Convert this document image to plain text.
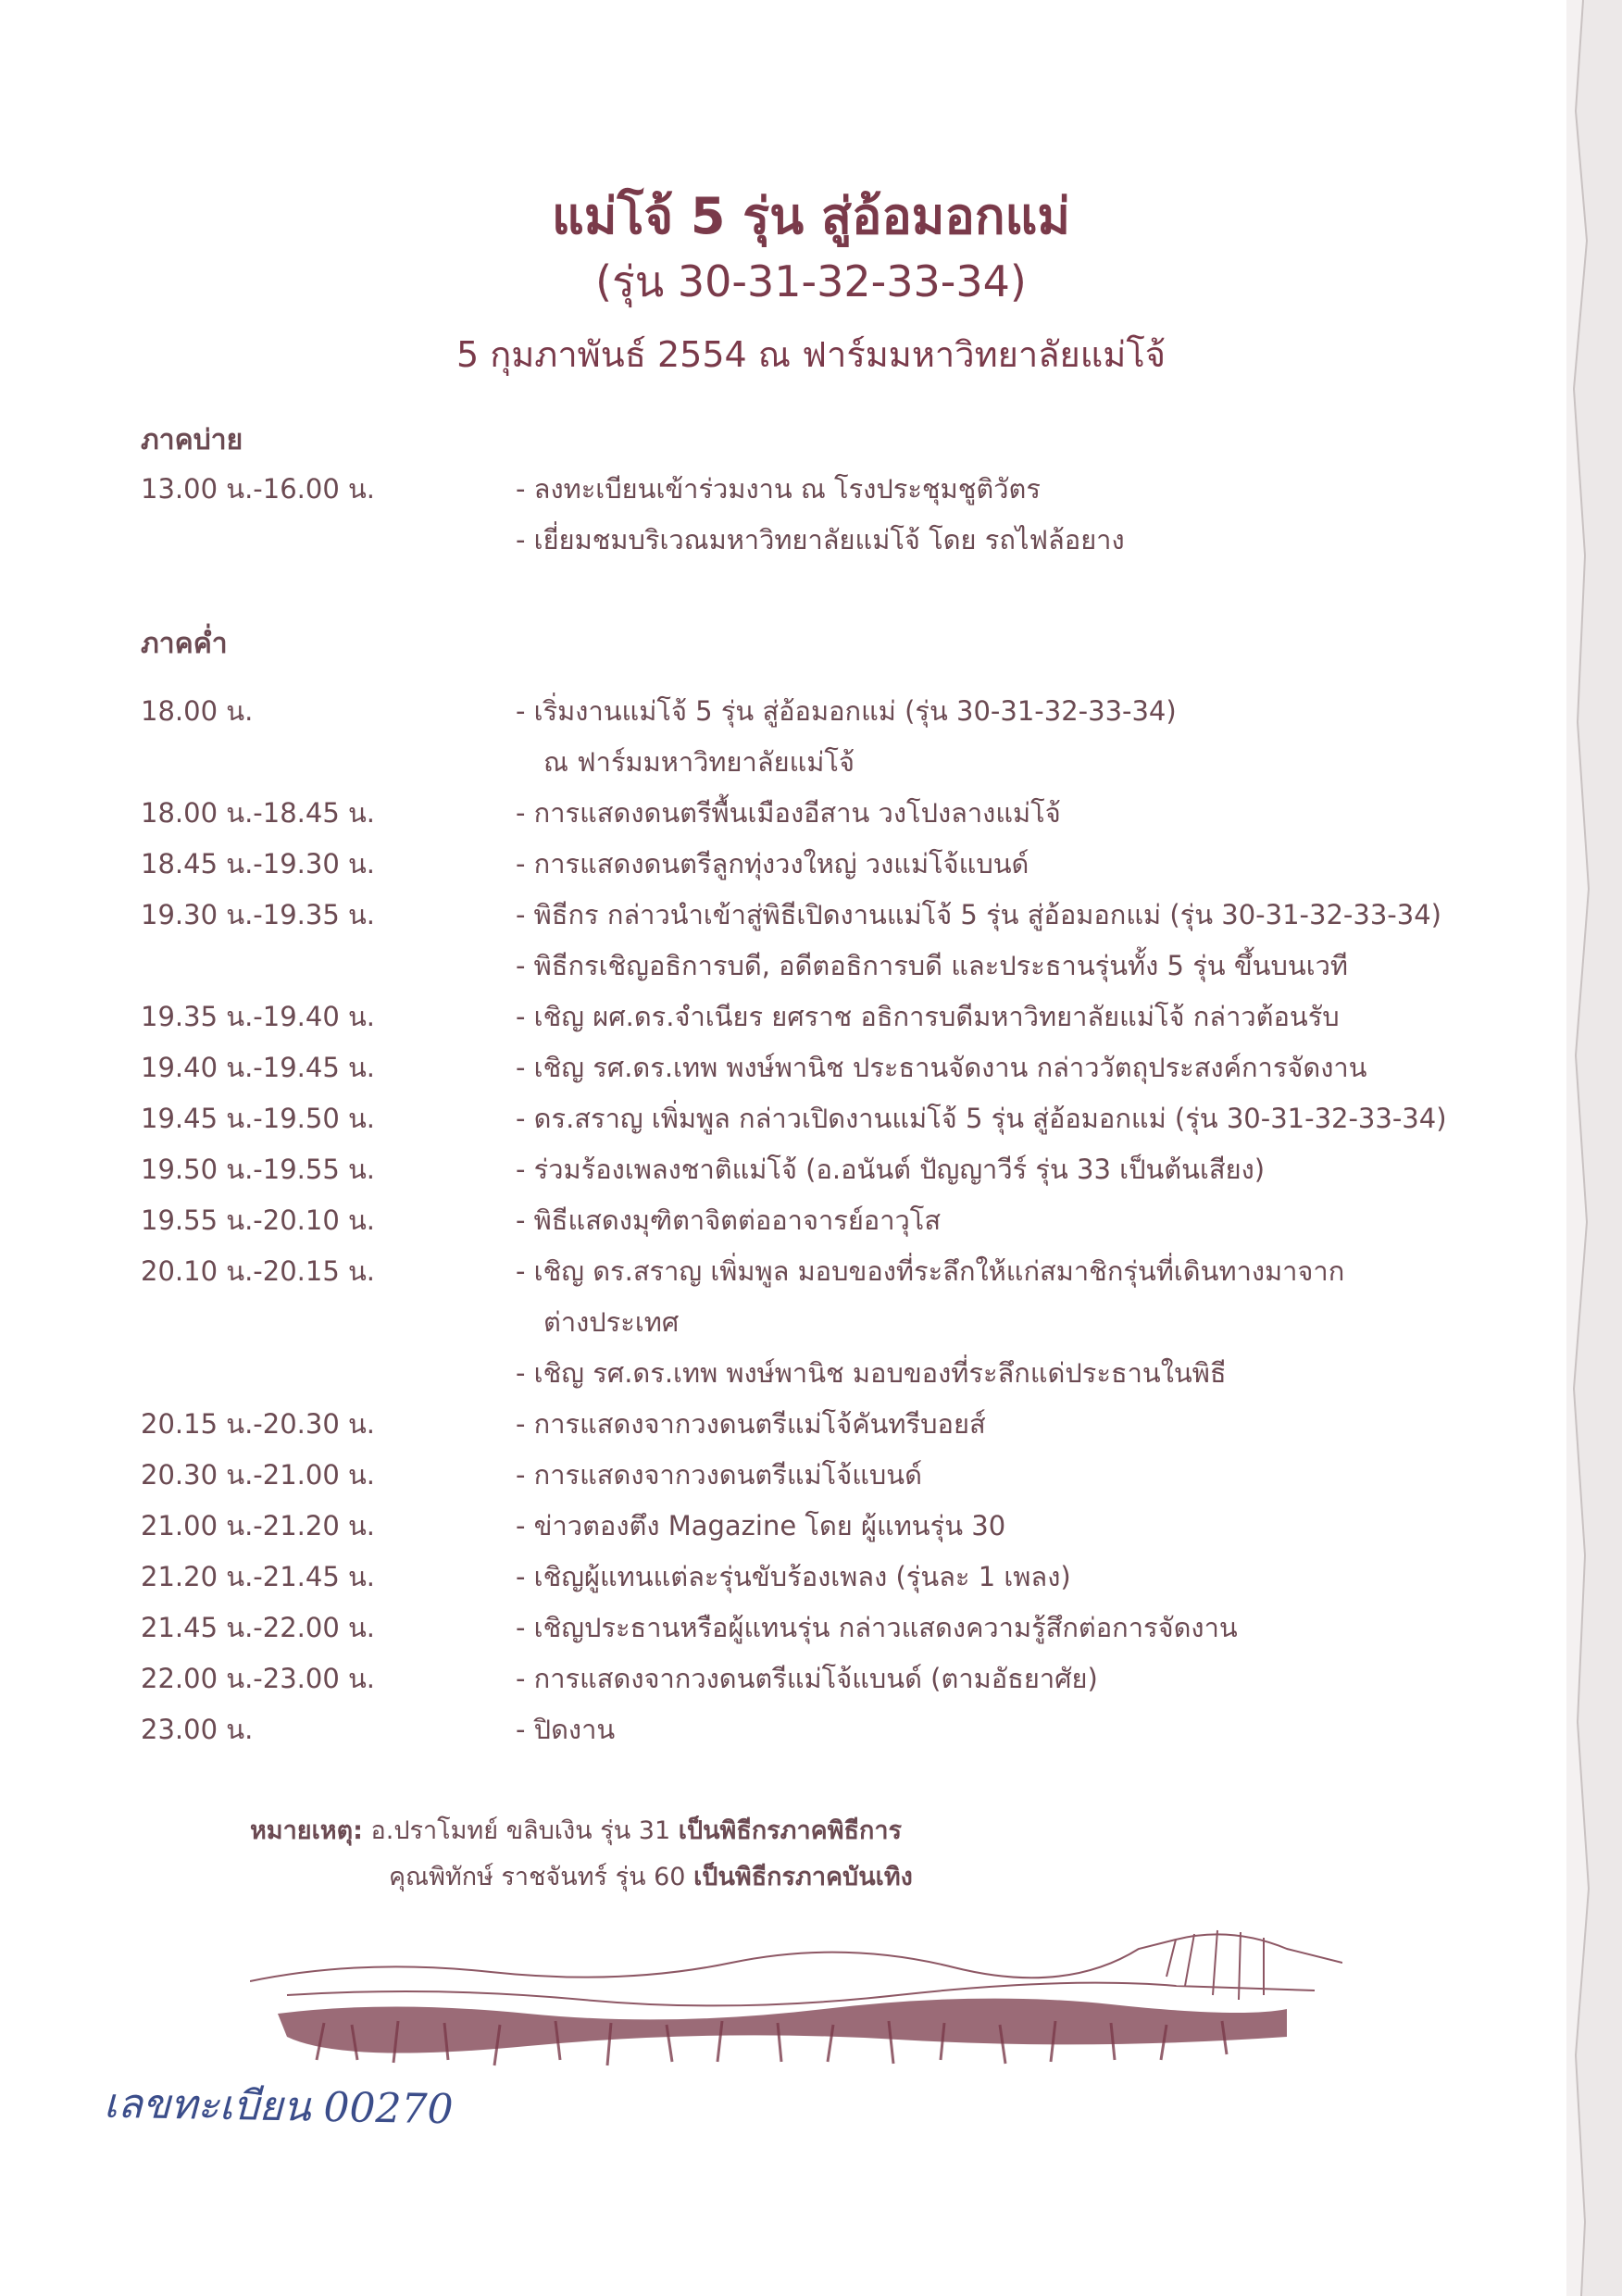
แม่โจ้ 5 รุ่น สู่อ้อมอกแม่
(รุ่น 30-31-32-33-34)
5 กุมภาพันธ์ 2554 ณ ฟาร์มมหาวิทยาลัยแม่โจ้
ภาคบ่าย
13.00 น.-16.00 น.	- ลงทะเบียนเข้าร่วมงาน ณ โรงประชุมชูติวัตร
- เยี่ยมชมบริเวณมหาวิทยาลัยแม่โจ้ โดย รถไฟล้อยาง
ภาคค่ำ
18.00 น.	- เริ่มงานแม่โจ้ 5 รุ่น สู่อ้อมอกแม่ (รุ่น 30-31-32-33-34)
ณ ฟาร์มมหาวิทยาลัยแม่โจ้
18.00 น.-18.45 น.	- การแสดงดนตรีพื้นเมืองอีสาน วงโปงลางแม่โจ้
18.45 น.-19.30 น.	- การแสดงดนตรีลูกทุ่งวงใหญ่ วงแม่โจ้แบนด์
19.30 น.-19.35 น.	- พิธีกร กล่าวนำเข้าสู่พิธีเปิดงานแม่โจ้ 5 รุ่น สู่อ้อมอกแม่ (รุ่น 30-31-32-33-34)
- พิธีกรเชิญอธิการบดี, อดีตอธิการบดี และประธานรุ่นทั้ง 5 รุ่น ขึ้นบนเวที
19.35 น.-19.40 น.	- เชิญ ผศ.ดร.จำเนียร ยศราช อธิการบดีมหาวิทยาลัยแม่โจ้ กล่าวต้อนรับ
19.40 น.-19.45 น.	- เชิญ รศ.ดร.เทพ พงษ์พานิช ประธานจัดงาน กล่าววัตถุประสงค์การจัดงาน
19.45 น.-19.50 น.	- ดร.สราญ เพิ่มพูล กล่าวเปิดงานแม่โจ้ 5 รุ่น สู่อ้อมอกแม่ (รุ่น 30-31-32-33-34)
19.50 น.-19.55 น.	- ร่วมร้องเพลงชาติแม่โจ้ (อ.อนันต์ ปัญญาวีร์ รุ่น 33 เป็นต้นเสียง)
19.55 น.-20.10 น.	- พิธีแสดงมุฑิตาจิตต่ออาจารย์อาวุโส
20.10 น.-20.15 น.	- เชิญ ดร.สราญ เพิ่มพูล มอบของที่ระลึกให้แก่สมาชิกรุ่นที่เดินทางมาจาก
ต่างประเทศ
- เชิญ รศ.ดร.เทพ พงษ์พานิช มอบของที่ระลึกแด่ประธานในพิธี
20.15 น.-20.30 น.	- การแสดงจากวงดนตรีแม่โจ้คันทรีบอยส์
20.30 น.-21.00 น.	- การแสดงจากวงดนตรีแม่โจ้แบนด์
21.00 น.-21.20 น.	- ข่าวตองตึง Magazine โดย ผู้แทนรุ่น 30
21.20 น.-21.45 น.	- เชิญผู้แทนแต่ละรุ่นขับร้องเพลง (รุ่นละ 1 เพลง)
21.45 น.-22.00 น.	- เชิญประธานหรือผู้แทนรุ่น กล่าวแสดงความรู้สึกต่อการจัดงาน
22.00 น.-23.00 น.	- การแสดงจากวงดนตรีแม่โจ้แบนด์ (ตามอัธยาศัย)
23.00 น.	- ปิดงาน
หมายเหตุ: อ.ปราโมทย์ ขลิบเงิน รุ่น 31 เป็นพิธีกรภาคพิธีการ
คุณพิทักษ์ ราชจันทร์ รุ่น 60 เป็นพิธีกรภาคบันเทิง
เลขทะเบียน 00270
